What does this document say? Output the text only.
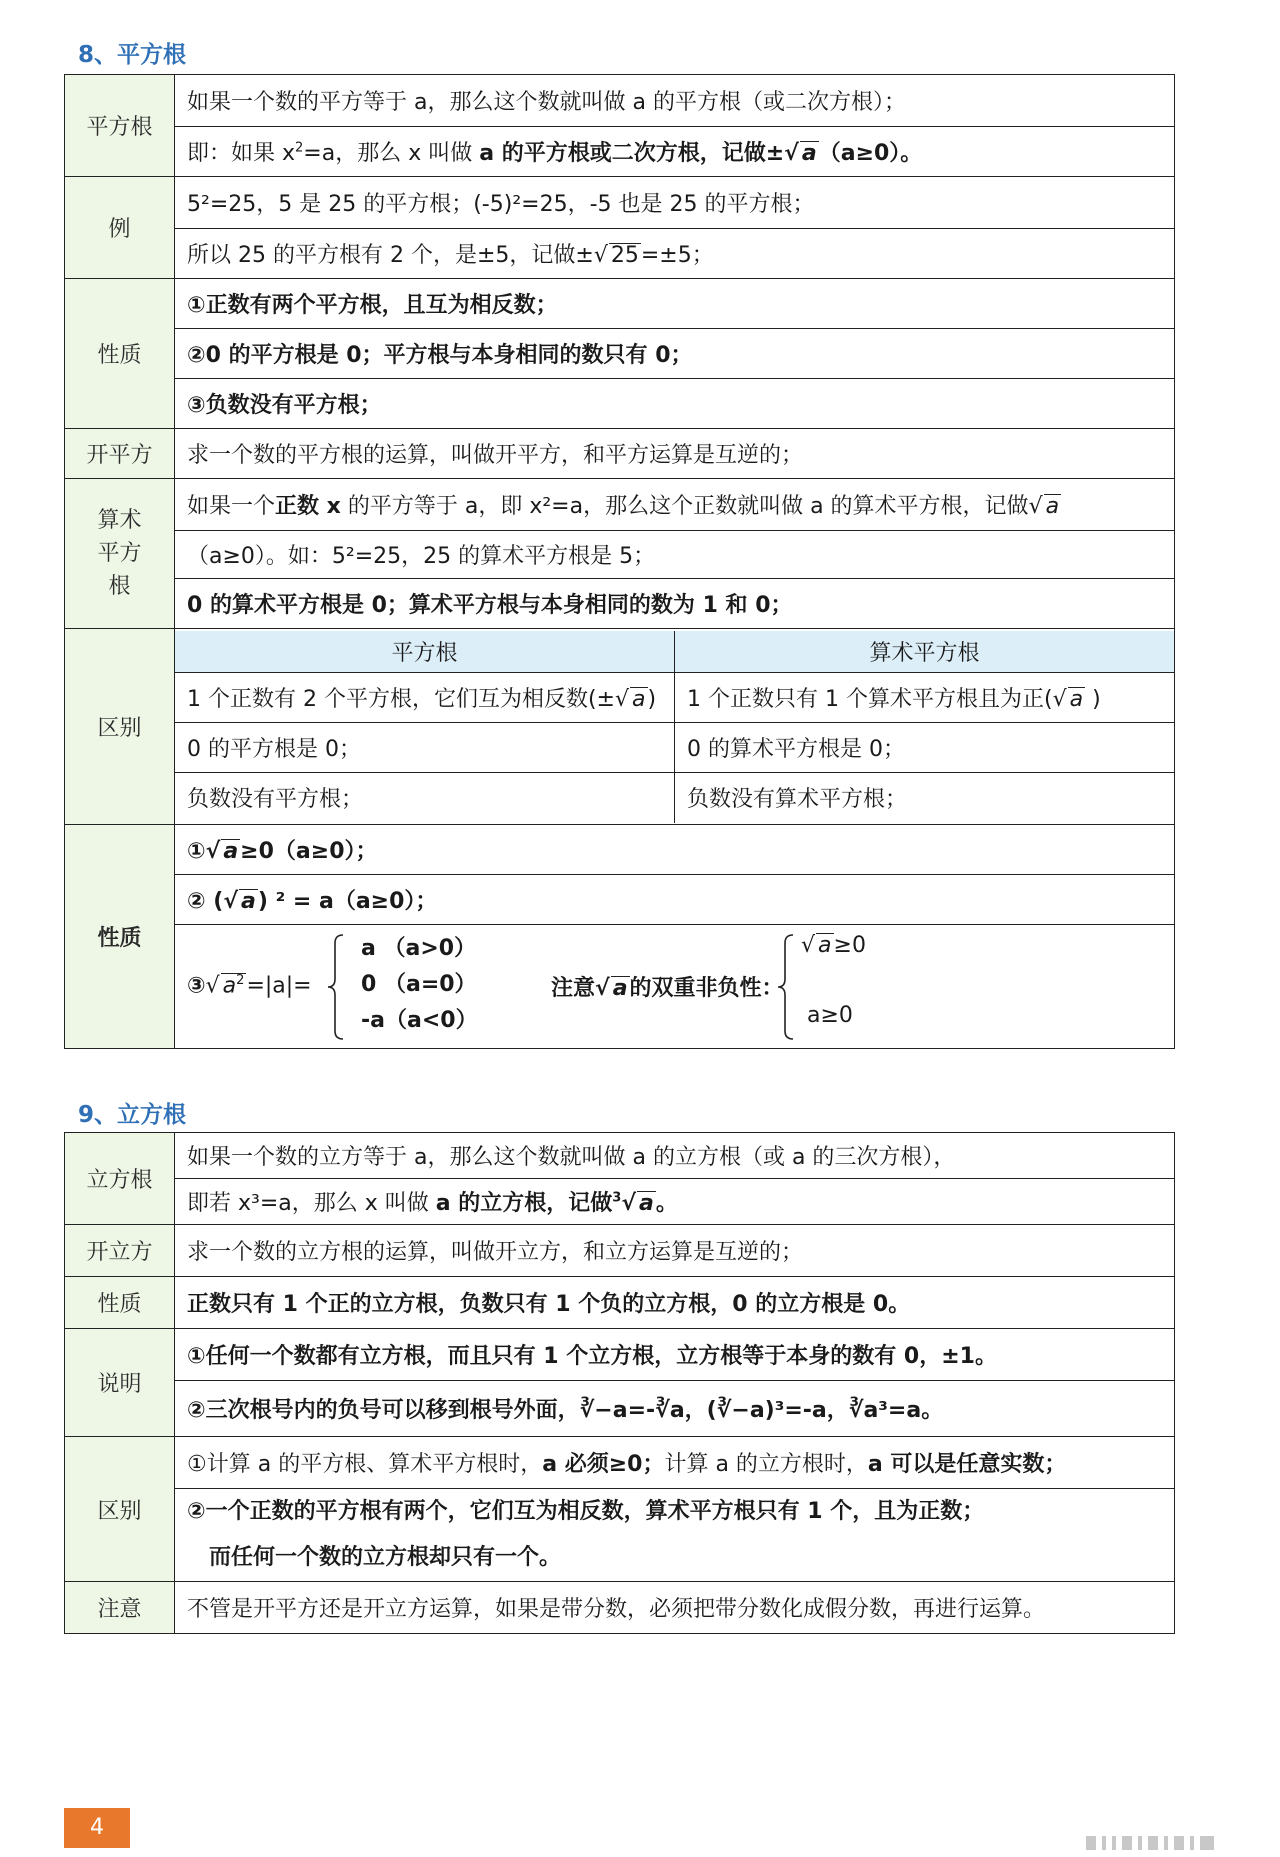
8、平方根
平方根	如果一个数的平方等于 a，那么这个数就叫做 a 的平方根（或二次方根）；
即：如果 $x^2=a$，那么 x 叫做 a 的平方根或二次方根，记做±√ a（a≥0）。
例	5²=25，5 是 25 的平方根；(-5)²=25，-5 也是 25 的平方根；
所以 25 的平方根有 2 个，是±5，记做±√ 25=±5；
性质	①正数有两个平方根，且互为相反数；
②0 的平方根是 0；平方根与本身相同的数只有 0；
③负数没有平方根；
开平方	求一个数的平方根的运算，叫做开平方，和平方运算是互逆的；
算术平方根	如果一个正数 x 的平方等于 a，即 x²=a，那么这个正数就叫做 a 的算术平方根，记做√ a
（a≥0）。如：5²=25，25 的算术平方根是 5；
0 的算术平方根是 0；算术平方根与本身相同的数为 1 和 0；
区别	
平方根	算术平方根
1 个正数有 2 个平方根，它们互为相反数(±√ a)	1 个正数只有 1 个算术平方根且为正(√ a )
0 的平方根是 0；	0 的算术平方根是 0；
负数没有平方根；	负数没有算术平方根；

性质	①√ a≥0（a≥0）；
② (√ a) ² = a（a≥0）；

③√ $a^2=|a|=$
a （a>0）
0 （a=0）
-a（a<0）
注意√ a的双重非负性：
√ a≥0
a≥0
9、立方根
立方根	如果一个数的立方等于 a，那么这个数就叫做 a 的立方根（或 a 的三次方根），
	即若 x³=a，那么 x 叫做 a 的立方根，记做$^3$√ a。
开立方	求一个数的立方根的运算，叫做开立方，和立方运算是互逆的；
性质	正数只有 1 个正的立方根，负数只有 1 个负的立方根，0 的立方根是 0。
说明	①任何一个数都有立方根，而且只有 1 个立方根，立方根等于本身的数有 0，±1。
	②三次根号内的负号可以移到根号外面，∛−a=-∛a，(∛−a)³=-a，∛a³=a。
区别	①计算 a 的平方根、算术平方根时，a 必须≥0；计算 a 的立方根时，a 可以是任意实数；

	②一个正数的平方根有两个，它们互为相反数，算术平方根只有 1 个，且为正数；
而任何一个数的立方根却只有一个。

注意	不管是开平方还是开立方运算，如果是带分数，必须把带分数化成假分数，再进行运算。
4
